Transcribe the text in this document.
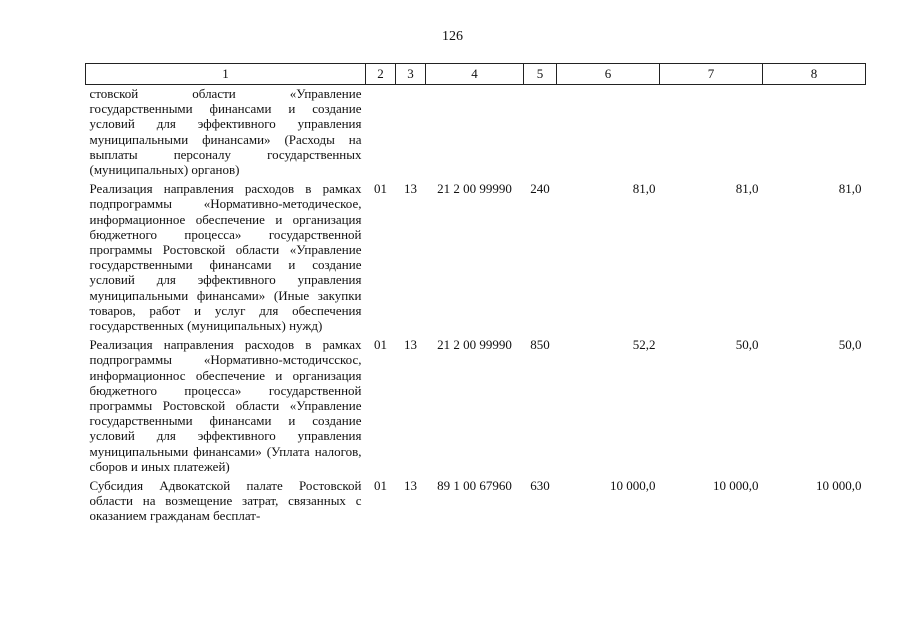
126
1	2	3	4	5	6	7	8
стовской области «Управление государственными финансами и создание условий для эффективного управления муниципальными финансами» (Расходы на выплаты персоналу государственных (муниципальных) органов)							
Реализация направления расходов в рамках подпрограммы «Нормативно-методическое, информационное обеспечение и организация бюджетного процесса» государственной программы Ростовской области «Управление государственными финансами и создание условий для эффективного управления муниципальными финансами» (Иные закупки товаров, работ и услуг для обеспечения государственных (муниципальных) нужд)	01	13	21 2 00 99990	240	81,0	81,0	81,0
Реализация направления расходов в рамках подпрограммы «Нормативно-мстодичсскос, информационнос обеспечение и организация бюджетного процесса» государственной программы Ростовской области «Управление государственными финансами и создание условий для эффективного управления муниципальными финансами» (Уплата налогов, сборов и иных платежей)	01	13	21 2 00 99990	850	52,2	50,0	50,0
Субсидия Адвокатской палате Ростовской области на возмещение затрат, связанных с оказанием гражданам бесплат-	01	13	89 1 00 67960	630	10 000,0	10 000,0	10 000,0
